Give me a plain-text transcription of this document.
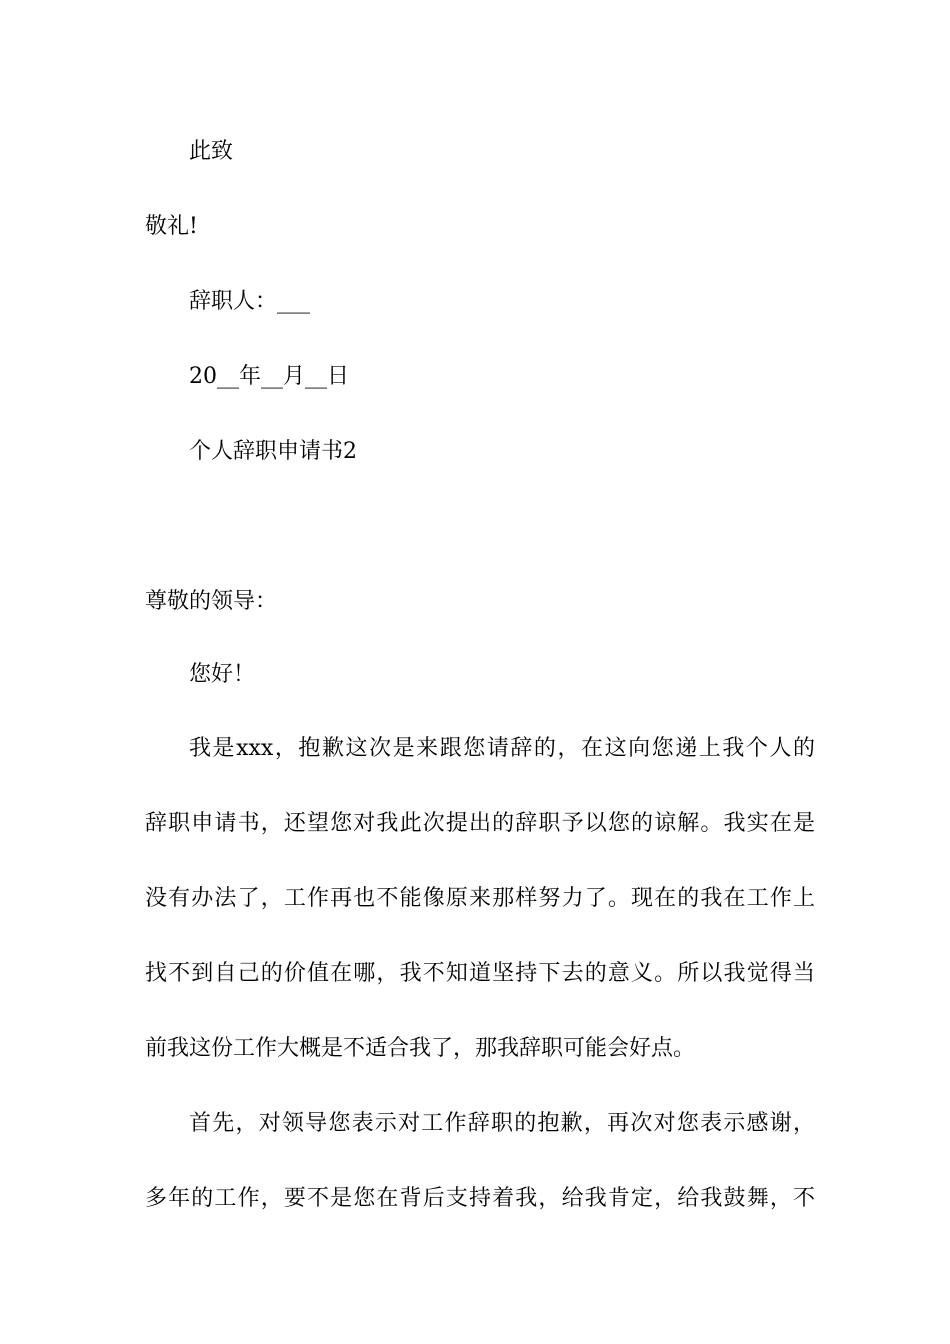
此致
敬礼!
辞职人：___
20__年__月__日
个人辞职申请书2
尊敬的领导：
您好！
我是xxx，抱歉这次是来跟您请辞的，在这向您递上我个人的
辞职申请书，还望您对我此次提出的辞职予以您的谅解。我实在是
没有办法了，工作再也不能像原来那样努力了。现在的我在工作上
找不到自己的价值在哪，我不知道坚持下去的意义。所以我觉得当
前我这份工作大概是不适合我了，那我辞职可能会好点。
首先，对领导您表示对工作辞职的抱歉，再次对您表示感谢，
多年的工作，要不是您在背后支持着我，给我肯定，给我鼓舞，不
